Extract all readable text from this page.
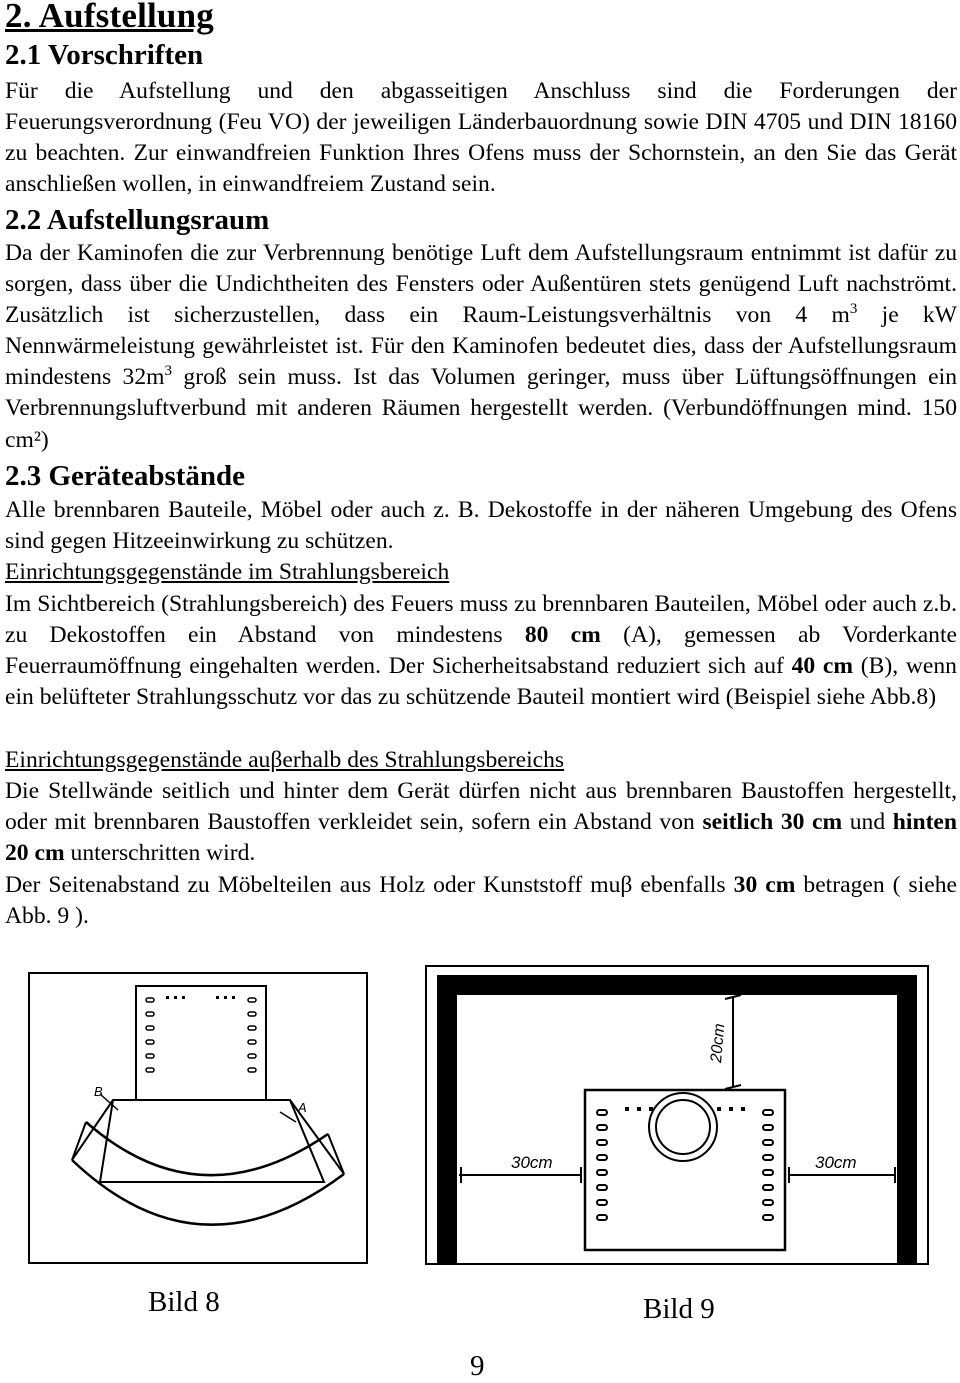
2. Aufstellung
2.1 Vorschriften
Für die Aufstellung und den abgasseitigen Anschluss sind die Forderungen der Feuerungsverordnung (Feu VO) der jeweiligen Länderbauordnung sowie DIN 4705 und DIN 18160 zu beachten. Zur einwandfreien Funktion Ihres Ofens muss der Schornstein, an den Sie das Gerät anschließen wollen, in einwandfreiem Zustand sein.
2.2 Aufstellungsraum
Da der Kaminofen die zur Verbrennung benötige Luft dem Aufstellungsraum entnimmt ist dafür zu sorgen, dass über die Undichtheiten des Fensters oder Außentüren stets genügend Luft nachströmt. Zusätzlich ist sicherzustellen, dass ein Raum-Leistungsverhältnis von 4 $m^3$ je kW Nennwärmeleistung gewährleistet ist. Für den Kaminofen bedeutet dies, dass der Aufstellungsraum mindestens $32m^3$ groß sein muss. Ist das Volumen geringer, muss über Lüftungsöffnungen ein Verbrennungsluftverbund mit anderen Räumen hergestellt werden. (Verbundöffnungen mind. 150 cm²)
2.3 Geräteabstände
Alle brennbaren Bauteile, Möbel oder auch z. B. Dekostoffe in der näheren Umgebung des Ofens sind gegen Hitzeeinwirkung zu schützen.
Einrichtungsgegenstände im Strahlungsbereich
Im Sichtbereich (Strahlungsbereich) des Feuers muss zu brennbaren Bauteilen, Möbel oder auch z.b. zu Dekostoffen ein Abstand von mindestens 80 cm (A), gemessen ab Vorderkante Feuerraumöffnung eingehalten werden. Der Sicherheitsabstand reduziert sich auf 40 cm (B), wenn ein belüfteter Strahlungsschutz vor das zu schützende Bauteil montiert wird (Beispiel siehe Abb.8)
Einrichtungsgegenstände auβerhalb des Strahlungsbereichs
Die Stellwände seitlich und hinter dem Gerät dürfen nicht aus brennbaren Baustoffen hergestellt, oder mit brennbaren Baustoffen verkleidet sein, sofern ein Abstand von seitlich 30 cm und hinten 20 cm unterschritten wird.
Der Seitenabstand zu Möbelteilen aus Holz oder Kunststoff muβ ebenfalls 30 cm betragen ( siehe Abb. 9 ).
B
A
20cm
30cm	30cm
Bild 8	Bild 9
9
